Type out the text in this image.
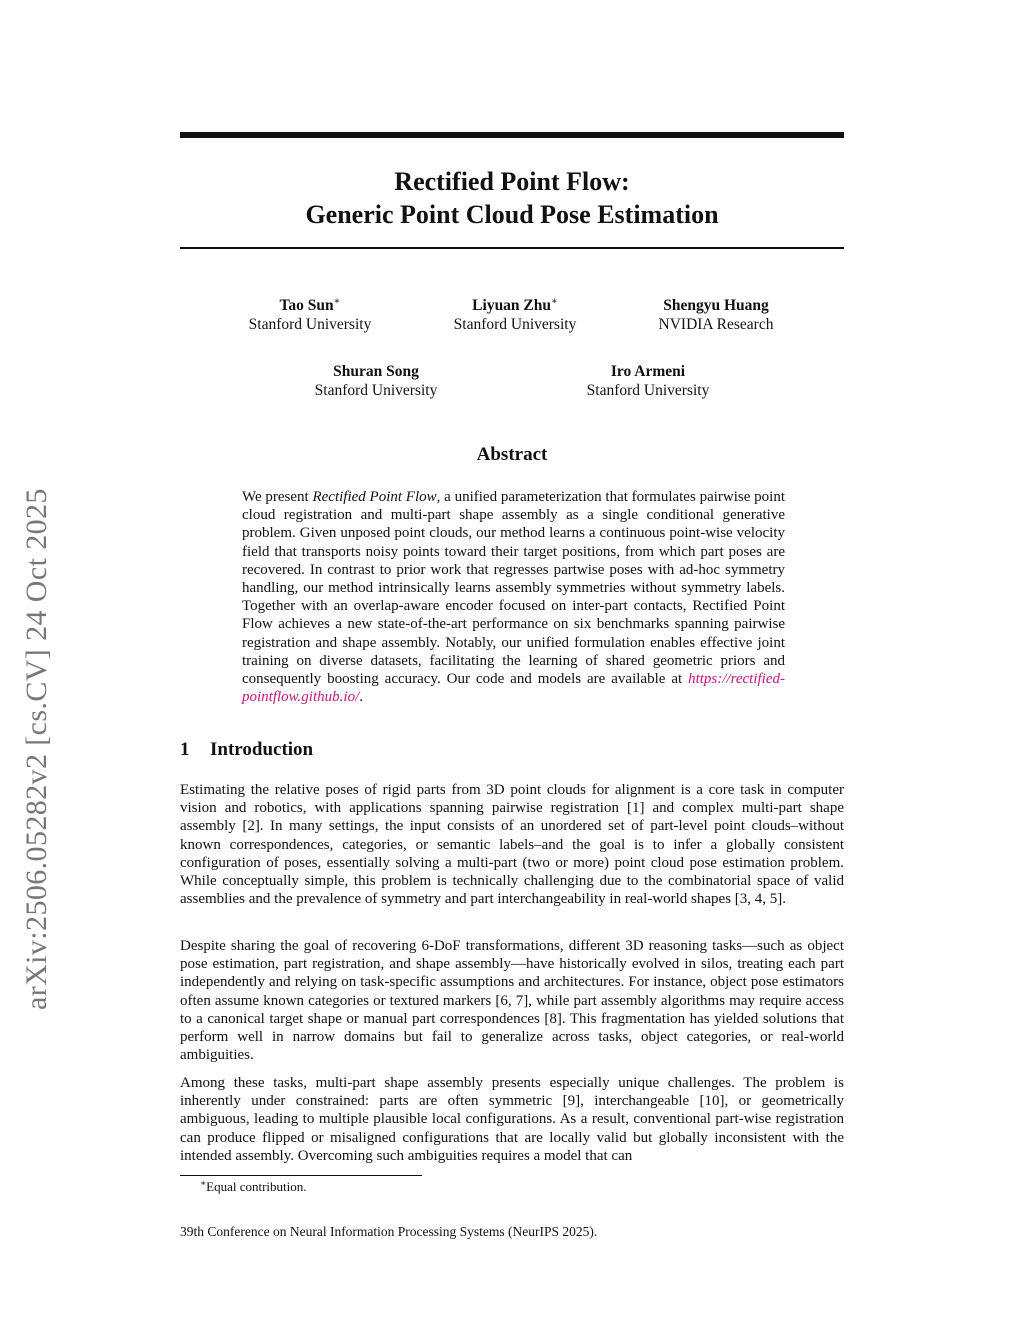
arXiv:2506.05282v2 [cs.CV] 24 Oct 2025
Rectified Point Flow:
Generic Point Cloud Pose Estimation
Tao Sun∗
Stanford University
Liyuan Zhu∗
Stanford University
Shengyu Huang
NVIDIA Research
Shuran Song
Stanford University
Iro Armeni
Stanford University
Abstract
We present Rectified Point Flow, a unified parameterization that formulates pairwise point cloud registration and multi-part shape assembly as a single conditional generative problem. Given unposed point clouds, our method learns a continuous point-wise velocity field that transports noisy points toward their target positions, from which part poses are recovered. In contrast to prior work that regresses partwise poses with ad-hoc symmetry handling, our method intrinsically learns assembly symmetries without symmetry labels. Together with an overlap-aware encoder focused on inter-part contacts, Rectified Point Flow achieves a new state-of-the-art performance on six benchmarks spanning pairwise registration and shape assembly. Notably, our unified formulation enables effective joint training on diverse datasets, facilitating the learning of shared geometric priors and consequently boosting accuracy. Our code and models are available at https://rectified-pointflow.github.io/.
1 Introduction

Estimating the relative poses of rigid parts from 3D point clouds for alignment is a core task in computer vision and robotics, with applications spanning pairwise registration [1] and complex multi-part shape assembly [2]. In many settings, the input consists of an unordered set of part-level point clouds–without known correspondences, categories, or semantic labels–and the goal is to infer a globally consistent configuration of poses, essentially solving a multi-part (two or more) point cloud pose estimation problem. While conceptually simple, this problem is technically challenging due to the combinatorial space of valid assemblies and the prevalence of symmetry and part interchangeability in real-world shapes [3, 4, 5].

Despite sharing the goal of recovering 6-DoF transformations, different 3D reasoning tasks—such as object pose estimation, part registration, and shape assembly—have historically evolved in silos, treating each part independently and relying on task-specific assumptions and architectures. For instance, object pose estimators often assume known categories or textured markers [6, 7], while part assembly algorithms may require access to a canonical target shape or manual part correspondences [8]. This fragmentation has yielded solutions that perform well in narrow domains but fail to generalize across tasks, object categories, or real-world ambiguities.

Among these tasks, multi-part shape assembly presents especially unique challenges. The problem is inherently under constrained: parts are often symmetric [9], interchangeable [10], or geometrically ambiguous, leading to multiple plausible local configurations. As a result, conventional part-wise registration can produce flipped or misaligned configurations that are locally valid but globally inconsistent with the intended assembly. Overcoming such ambiguities requires a model that can

∗Equal contribution.
39th Conference on Neural Information Processing Systems (NeurIPS 2025).
